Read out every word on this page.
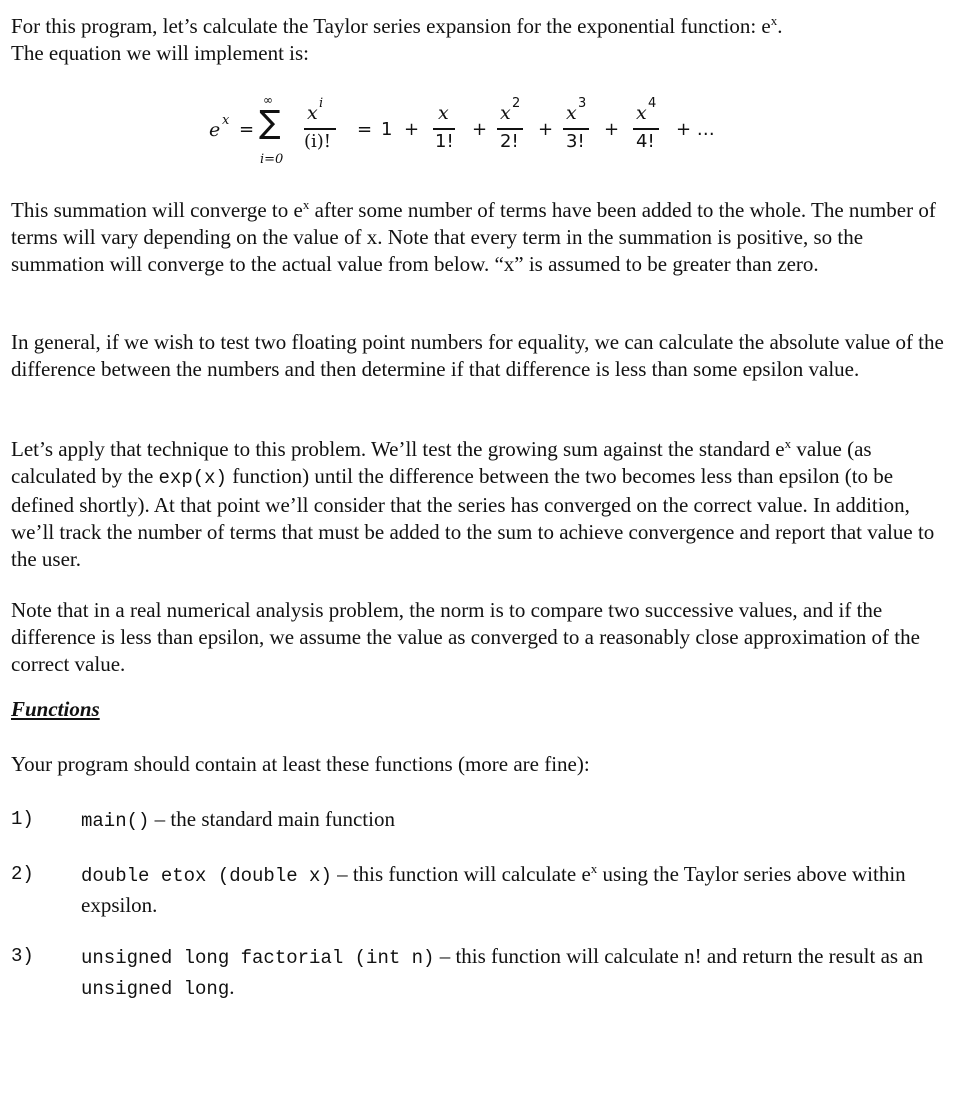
For this program, let’s calculate the Taylor series expansion for the exponential function: $e^x$.
The equation we will implement is:

e x =
∞
∑
i=0
x i
(i)!
= 1 +
x
1!
+
x 2
2!
+
x 3
3!
+
x 4
4!
+ …

This summation will converge to $e^x$ after some number of terms have been added to the whole. The number of terms will vary depending on the value of x. Note that every term in the summation is positive, so the summation will converge to the actual value from below. “x” is assumed to be greater than zero.

In general, if we wish to test two floating point numbers for equality, we can calculate the absolute value of the difference between the numbers and then determine if that difference is less than some epsilon value.

Let’s apply that technique to this problem. We’ll test the growing sum against the standard $e^x$ value (as calculated by the exp(x) function) until the difference between the two becomes less than epsilon (to be defined shortly). At that point we’ll consider that the series has converged on the correct value. In addition, we’ll track the number of terms that must be added to the sum to achieve convergence and report that value to the user.

Note that in a real numerical analysis problem, the norm is to compare two successive values, and if the difference is less than epsilon, we assume the value as converged to a reasonably close approximation of the correct value.

Functions

Your program should contain at least these functions (more are fine):

1) main() – the standard main function

2) double etox (double x) – this function will calculate $e^x$ using the Taylor series above within expsilon.

3) unsigned long factorial (int n) – this function will calculate n! and return the result as an unsigned long.
